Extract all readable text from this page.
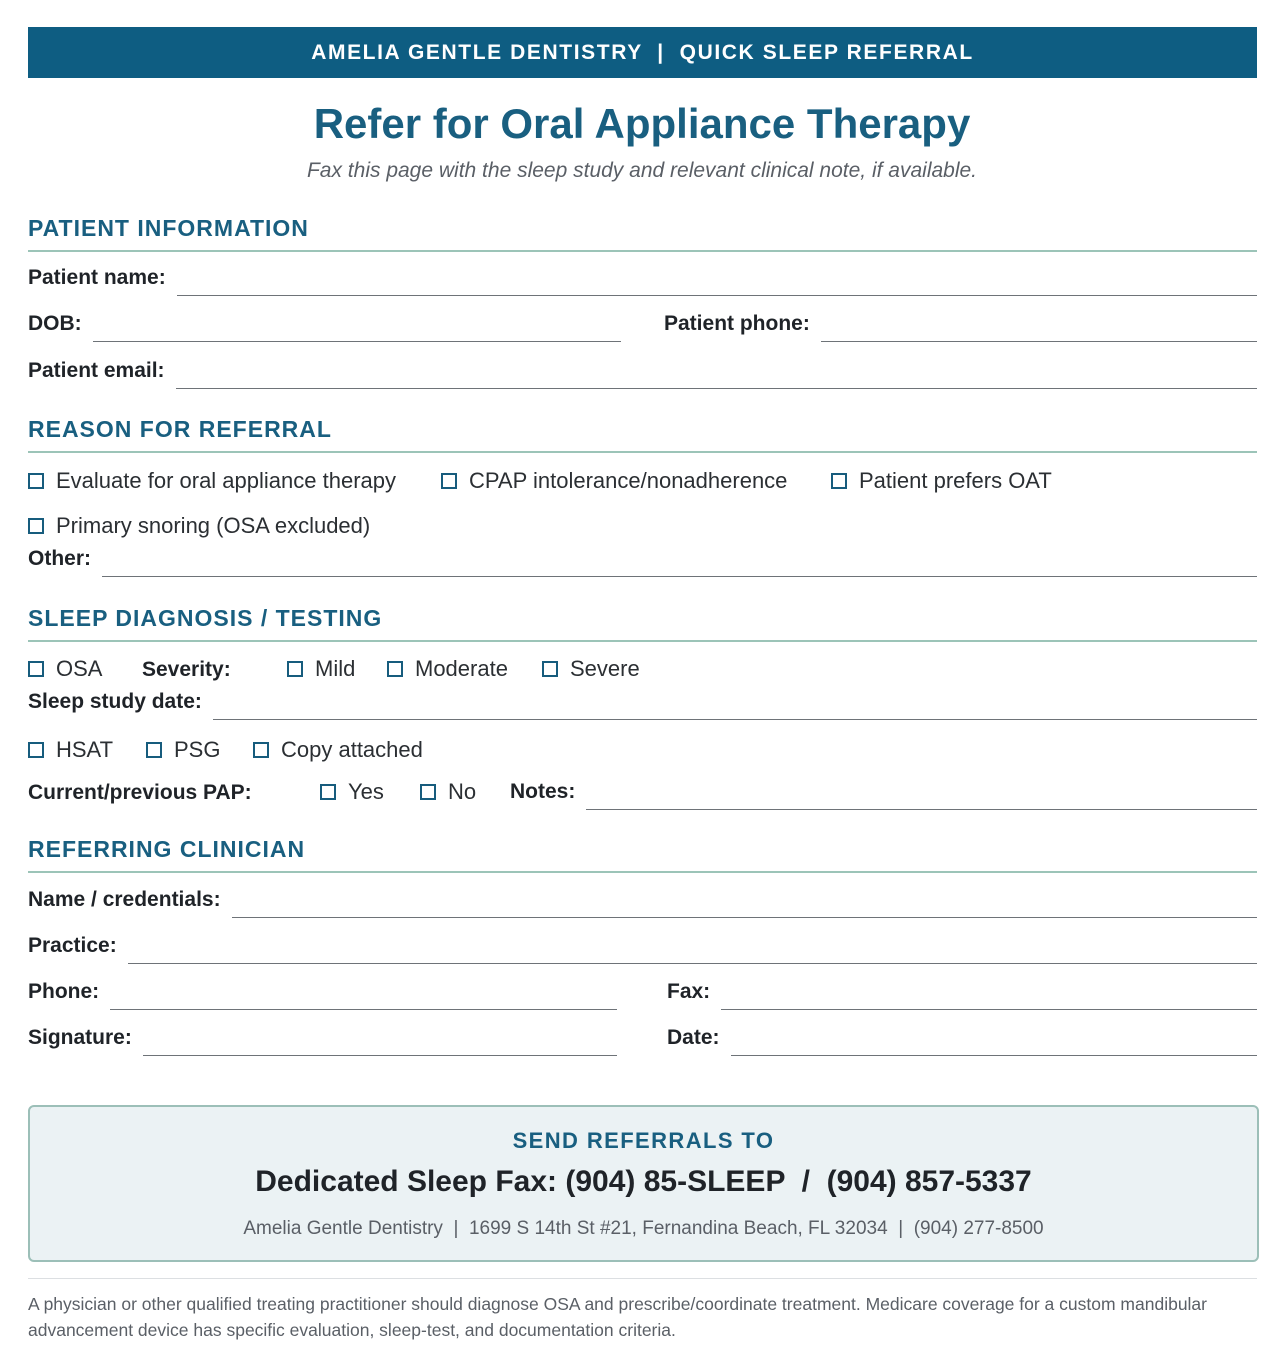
AMELIA GENTLE DENTISTRY  |  QUICK SLEEP REFERRAL
Refer for Oral Appliance Therapy
Fax this page with the sleep study and relevant clinical note, if available.
PATIENT INFORMATION
Patient name:
DOB:	Patient phone:
Patient email:
REASON FOR REFERRAL
Evaluate for oral appliance therapy	CPAP intolerance/nonadherence	Patient prefers OAT
Primary snoring (OSA excluded)
Other:
SLEEP DIAGNOSIS / TESTING
OSA Severity:	Mild	Moderate	Severe
Sleep study date:
HSAT	PSG	Copy attached
Current/previous PAP:	Yes	No Notes:
REFERRING CLINICIAN
Name / credentials:
Practice:
Phone:	Fax:
Signature:	Date:
SEND REFERRALS TO
Dedicated Sleep Fax: (904) 85-SLEEP  /  (904) 857-5337
Amelia Gentle Dentistry  |  1699 S 14th St #21, Fernandina Beach, FL 32034  |  (904) 277-8500
A physician or other qualified treating practitioner should diagnose OSA and prescribe/coordinate treatment. Medicare coverage for a custom mandibular advancement device has specific evaluation, sleep-test, and documentation criteria.
